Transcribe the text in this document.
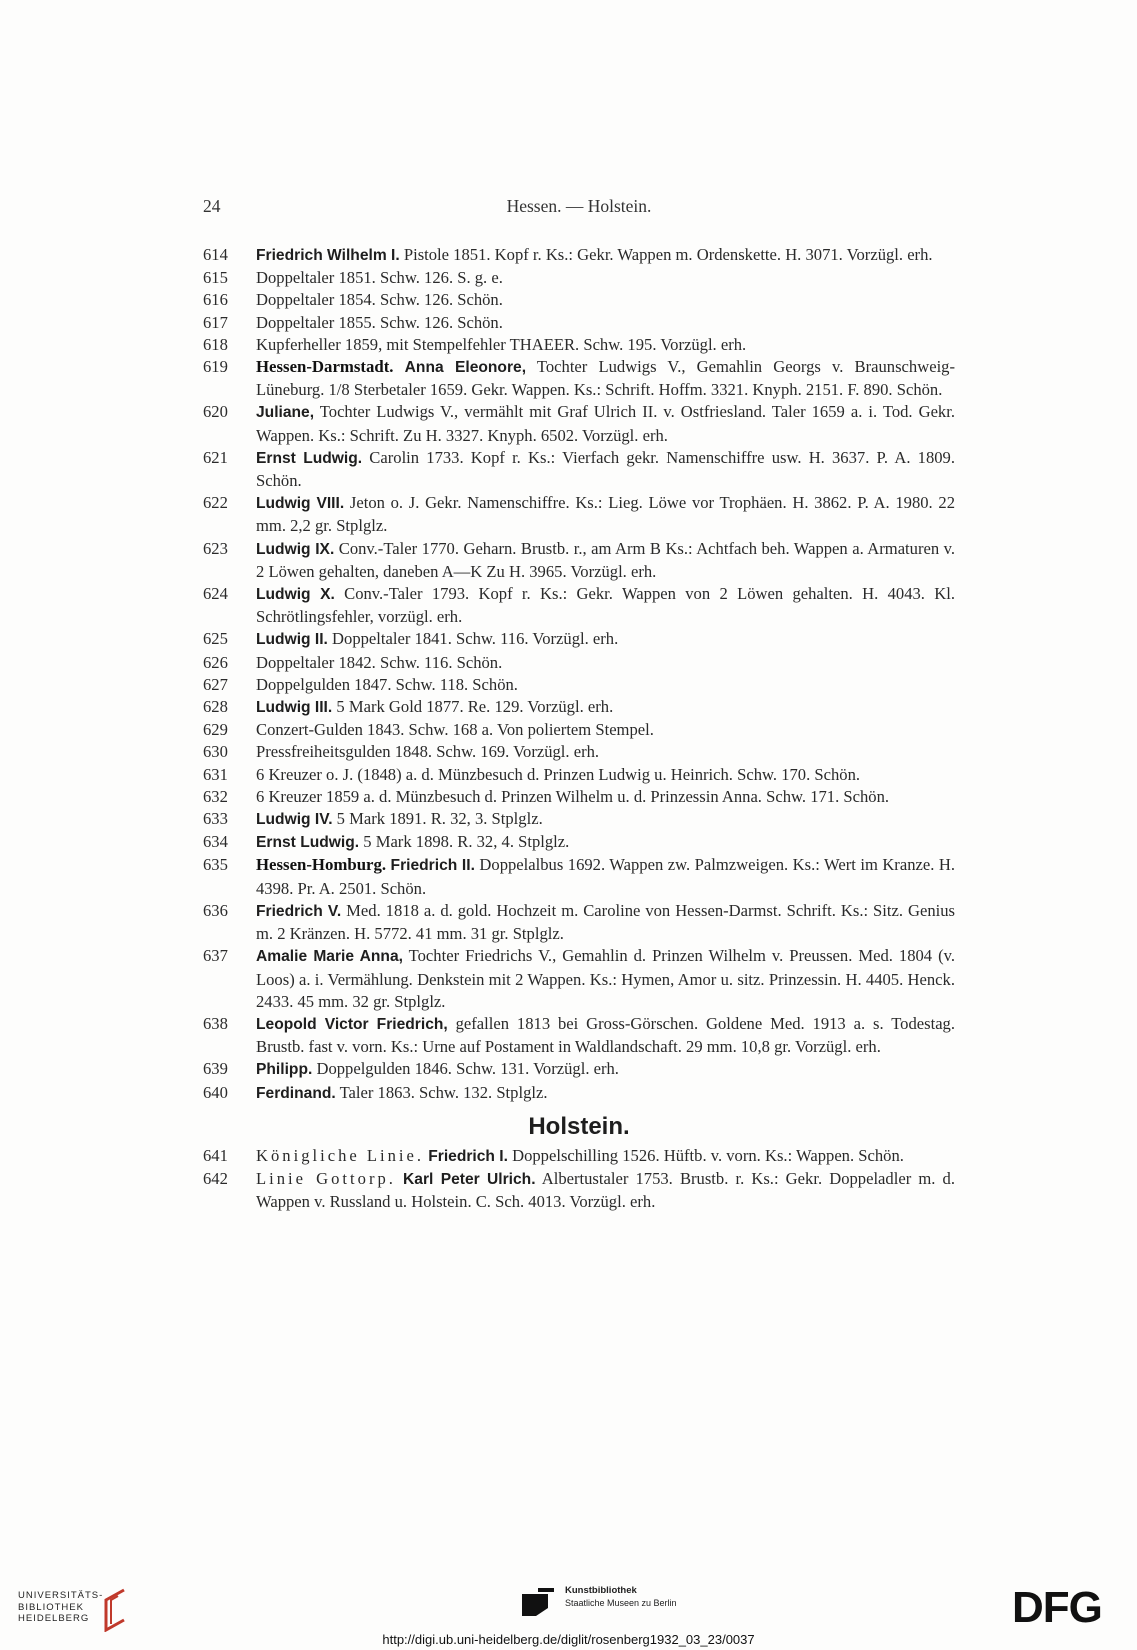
24	Hessen. — Holstein.
614	Friedrich Wilhelm I. Pistole 1851. Kopf r. Ks.: Gekr. Wappen m. Ordenskette. H. 3071. Vorzügl. erh.
615	Doppeltaler 1851. Schw. 126. S. g. e.
616	Doppeltaler 1854. Schw. 126. Schön.
617	Doppeltaler 1855. Schw. 126. Schön.
618	Kupferheller 1859, mit Stempelfehler THAEER. Schw. 195. Vorzügl. erh.
619	Hessen-Darmstadt. Anna Eleonore, Tochter Ludwigs V., Gemahlin Georgs v. Braunschweig-Lüneburg. 1/8 Sterbetaler 1659. Gekr. Wappen. Ks.: Schrift. Hoffm. 3321. Knyph. 2151. F. 890. Schön.
620	Juliane, Tochter Ludwigs V., vermählt mit Graf Ulrich II. v. Ostfriesland. Taler 1659 a. i. Tod. Gekr. Wappen. Ks.: Schrift. Zu H. 3327. Knyph. 6502. Vorzügl. erh.
621	Ernst Ludwig. Carolin 1733. Kopf r. Ks.: Vierfach gekr. Namenschiffre usw. H. 3637. P. A. 1809. Schön.
622	Ludwig VIII. Jeton o. J. Gekr. Namenschiffre. Ks.: Lieg. Löwe vor Trophäen. H. 3862. P. A. 1980. 22 mm. 2,2 gr. Stplglz.
623	Ludwig IX. Conv.-Taler 1770. Geharn. Brustb. r., am Arm B Ks.: Achtfach beh. Wappen a. Armaturen v. 2 Löwen gehalten, daneben A—K Zu H. 3965. Vorzügl. erh.
624	Ludwig X. Conv.-Taler 1793. Kopf r. Ks.: Gekr. Wappen von 2 Löwen gehalten. H. 4043. Kl. Schrötlingsfehler, vorzügl. erh.
625	Ludwig II. Doppeltaler 1841. Schw. 116. Vorzügl. erh.
626	Doppeltaler 1842. Schw. 116. Schön.
627	Doppelgulden 1847. Schw. 118. Schön.
628	Ludwig III. 5 Mark Gold 1877. Re. 129. Vorzügl. erh.
629	Conzert-Gulden 1843. Schw. 168 a. Von poliertem Stempel.
630	Pressfreiheitsgulden 1848. Schw. 169. Vorzügl. erh.
631	6 Kreuzer o. J. (1848) a. d. Münzbesuch d. Prinzen Ludwig u. Heinrich. Schw. 170. Schön.
632	6 Kreuzer 1859 a. d. Münzbesuch d. Prinzen Wilhelm u. d. Prinzessin Anna. Schw. 171. Schön.
633	Ludwig IV. 5 Mark 1891. R. 32, 3. Stplglz.
634	Ernst Ludwig. 5 Mark 1898. R. 32, 4. Stplglz.
635	Hessen-Homburg. Friedrich II. Doppelalbus 1692. Wappen zw. Palmzweigen. Ks.: Wert im Kranze. H. 4398. Pr. A. 2501. Schön.
636	Friedrich V. Med. 1818 a. d. gold. Hochzeit m. Caroline von Hessen-Darmst. Schrift. Ks.: Sitz. Genius m. 2 Kränzen. H. 5772. 41 mm. 31 gr. Stplglz.
637	Amalie Marie Anna, Tochter Friedrichs V., Gemahlin d. Prinzen Wilhelm v. Preussen. Med. 1804 (v. Loos) a. i. Vermählung. Denkstein mit 2 Wappen. Ks.: Hymen, Amor u. sitz. Prinzessin. H. 4405. Henck. 2433. 45 mm. 32 gr. Stplglz.
638	Leopold Victor Friedrich, gefallen 1813 bei Gross-Görschen. Goldene Med. 1913 a. s. Todestag. Brustb. fast v. vorn. Ks.: Urne auf Postament in Waldlandschaft. 29 mm. 10,8 gr. Vorzügl. erh.
639	Philipp. Doppelgulden 1846. Schw. 131. Vorzügl. erh.
640	Ferdinand. Taler 1863. Schw. 132. Stplglz.
Holstein.
641	Königliche Linie. Friedrich I. Doppelschilling 1526. Hüftb. v. vorn. Ks.: Wappen. Schön.
642	Linie Gottorp. Karl Peter Ulrich. Albertustaler 1753. Brustb. r. Ks.: Gekr. Doppeladler m. d. Wappen v. Russland u. Holstein. C. Sch. 4013. Vorzügl. erh.
UNIVERSITÄTS-
BIBLIOTHEK
HEIDELBERG
Kunstbibliothek
Staatliche Museen zu Berlin	DFG
http://digi.ub.uni-heidelberg.de/diglit/rosenberg1932_03_23/0037
